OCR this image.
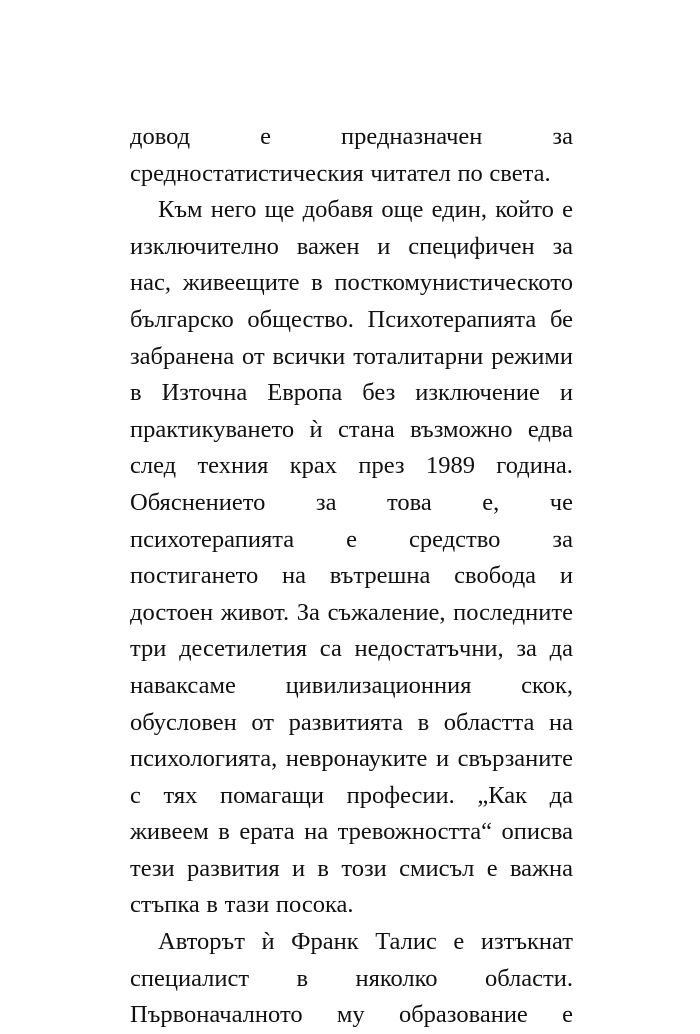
довод	е	предназначен	за
средностатистическия читател по света.
Към него ще добавя още един, който е
изключително важен и специфичен за
нас, живеещите в посткомунистическото
българско общество. Психотерапията бе
забранена от всички тоталитарни режими
в Източна Европа без изключение и
практикуването ѝ стана възможно едва
след техния крах през 1989 година.
Обяснението за това е, че
психотерапията е средство за
постигането на вътрешна свобода и
достоен живот. За съжаление, последните
три десетилетия са недостатъчни, за да
наваксаме цивилизационния скок,
обусловен от развитията в областта на
психологията, невронауките и свързаните
с тях помагащи професии. „Как да
живеем в ерата на тревожността“ описва
тези развития и в този смисъл е важна
стъпка в тази посока.
Авторът ѝ Франк Талис е изтъкнат
специалист в няколко области.
Първоначалното му образование е
